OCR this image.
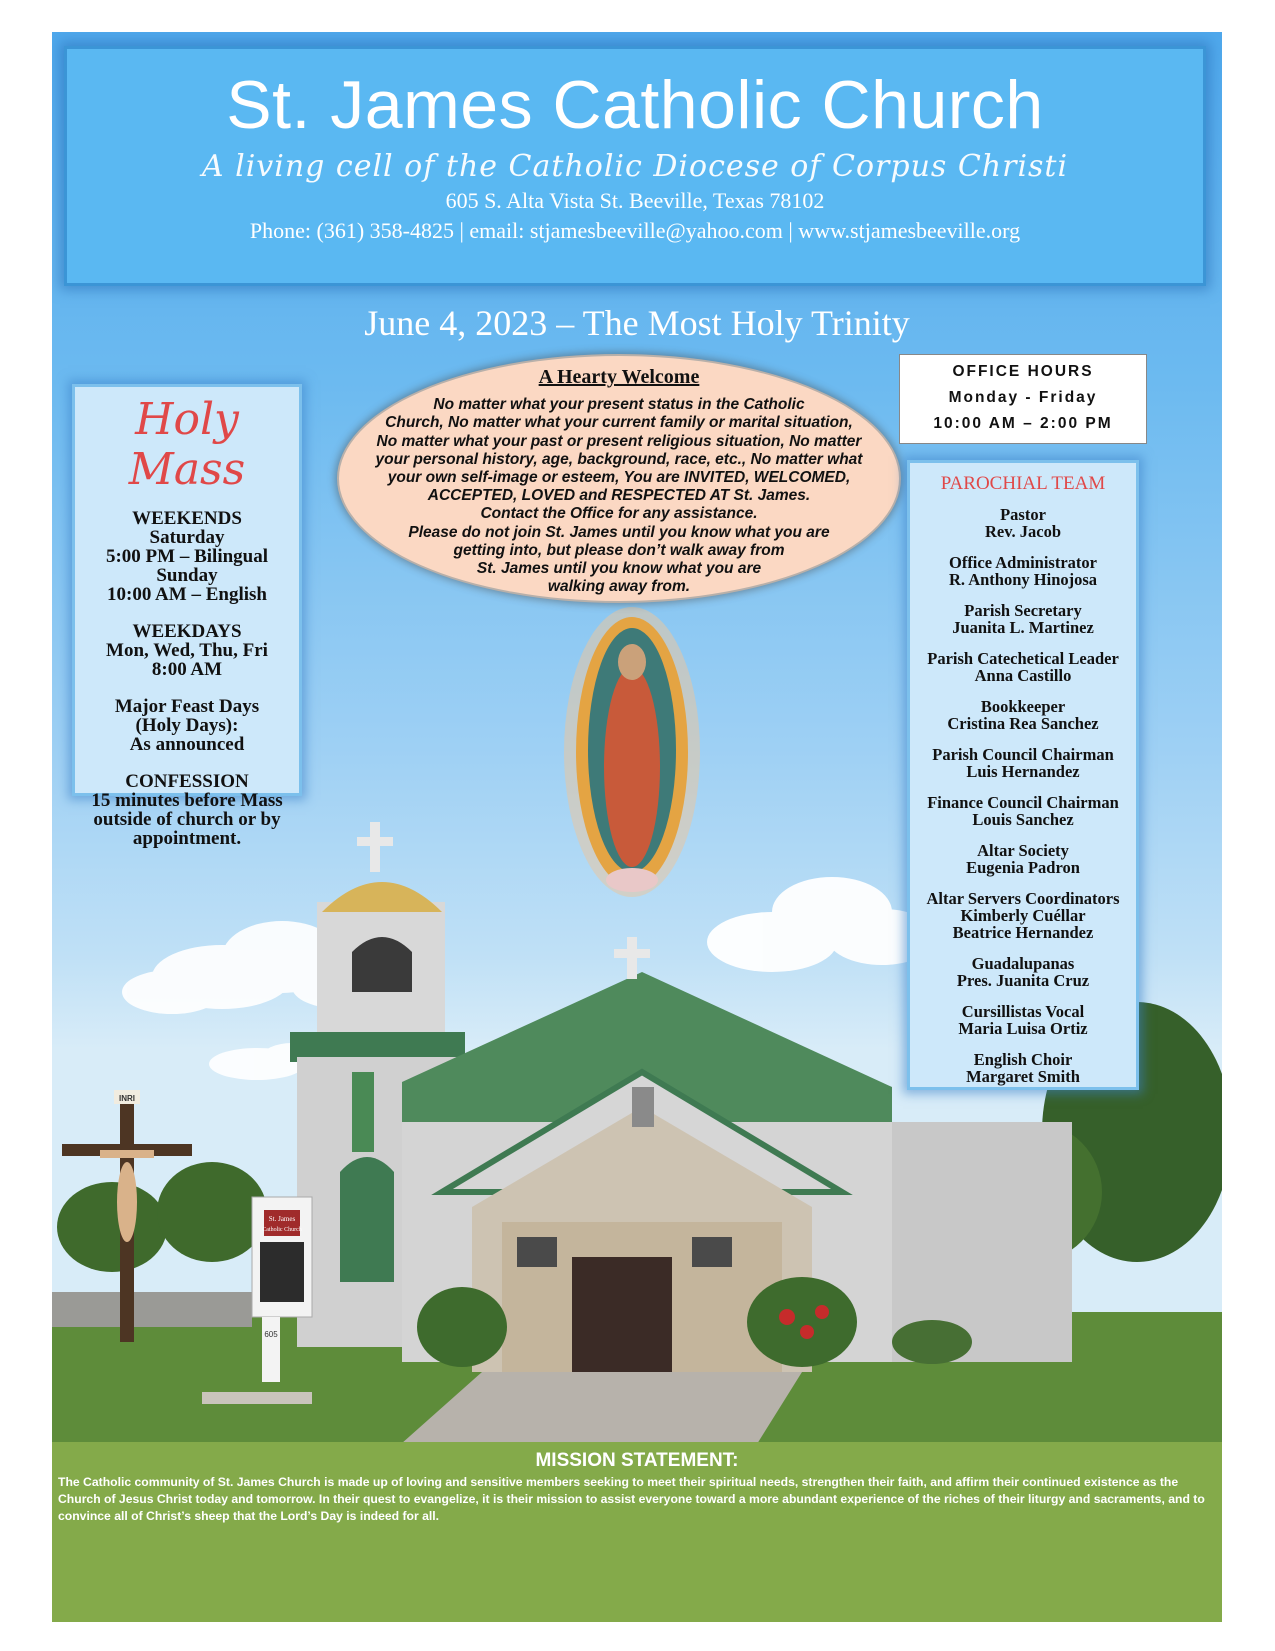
INRI
St. James
Catholic Church
605
St. James Catholic Church
A living cell of the Catholic Diocese of Corpus Christi
605 S. Alta Vista St. Beeville, Texas 78102
Phone: (361) 358-4825 | email: stjamesbeeville@yahoo.com | www.stjamesbeeville.org
June 4, 2023 – The Most Holy Trinity
Holy Mass
WEEKENDS
Saturday
5:00 PM – Bilingual
Sunday
10:00 AM – English
WEEKDAYS
Mon, Wed, Thu, Fri
8:00 AM
Major Feast Days
(Holy Days):
As announced
CONFESSION
15 minutes before Mass
outside of church or by
appointment.
A Hearty Welcome
No matter what your present status in the Catholic
Church, No matter what your current family or marital situation,
No matter what your past or present religious situation, No matter
your personal history, age, background, race, etc., No matter what
your own self-image or esteem, You are INVITED, WELCOMED,
ACCEPTED, LOVED and RESPECTED AT St. James.
Contact the Office for any assistance.
Please do not join St. James until you know what you are
getting into, but please don’t walk away from
St. James until you know what you are
walking away from.
OFFICE HOURS
Monday - Friday
10:00 AM – 2:00 PM
PAROCHIAL TEAM
Pastor
Rev. Jacob
Office Administrator
R. Anthony Hinojosa
Parish Secretary
Juanita L. Martinez
Parish Catechetical Leader
Anna Castillo
Bookkeeper
Cristina Rea Sanchez
Parish Council Chairman
Luis Hernandez
Finance Council Chairman
Louis Sanchez
Altar Society
Eugenia Padron
Altar Servers Coordinators
Kimberly Cuéllar
Beatrice Hernandez
Guadalupanas
Pres. Juanita Cruz
Cursillistas Vocal
Maria Luisa Ortiz
English Choir
Margaret Smith
MISSION STATEMENT:
The Catholic community of St. James Church is made up of loving and sensitive members seeking to meet their spiritual needs, strengthen their faith, and affirm their continued existence as the Church of Jesus Christ today and tomorrow. In their quest to evangelize, it is their mission to assist everyone toward a more abundant experience of the riches of their liturgy and sacraments, and to convince all of Christ’s sheep that the Lord’s Day is indeed for all.
